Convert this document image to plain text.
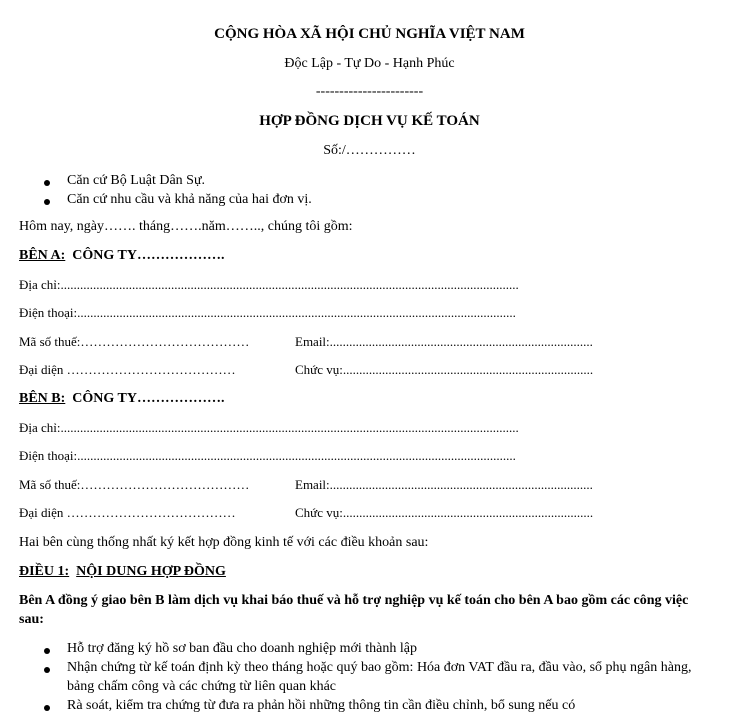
CỘNG HÒA XÃ HỘI CHỦ NGHĨA VIỆT NAM
Độc Lập - Tự Do - Hạnh Phúc
-----------------------
HỢP ĐỒNG DỊCH VỤ KẾ TOÁN
Số:/……………
Căn cứ Bộ Luật Dân Sự.
Căn cứ nhu cầu và khả năng của hai đơn vị.
Hôm nay, ngày……. tháng…….năm…….., chúng tôi gồm:
BÊN A: CÔNG TY……………….
Địa chỉ:.............................................................................................................................................
Điện thoại:.......................................................................................................................................
Mã số thuế:…………………………………	Email:.................................................................................
Đại diện …………………………………	Chức vụ:.............................................................................
BÊN B: CÔNG TY……………….
Địa chỉ:.............................................................................................................................................
Điện thoại:.......................................................................................................................................
Mã số thuế:…………………………………	Email:.................................................................................
Đại diện …………………………………	Chức vụ:.............................................................................
Hai bên cùng thống nhất ký kết hợp đồng kinh tế với các điều khoản sau:
ĐIỀU 1: NỘI DUNG HỢP ĐỒNG
Bên A đồng ý giao bên B làm dịch vụ khai báo thuế và hỗ trợ nghiệp vụ kế toán cho bên A bao gồm các công việc
sau:
Hỗ trợ đăng ký hồ sơ ban đầu cho doanh nghiệp mới thành lập
Nhận chứng từ kế toán định kỳ theo tháng hoặc quý bao gồm: Hóa đơn VAT đầu ra, đầu vào, sổ phụ ngân hàng,
bảng chấm công và các chứng từ liên quan khác
Rà soát, kiểm tra chứng từ đưa ra phản hồi những thông tin cần điều chỉnh, bổ sung nếu có
